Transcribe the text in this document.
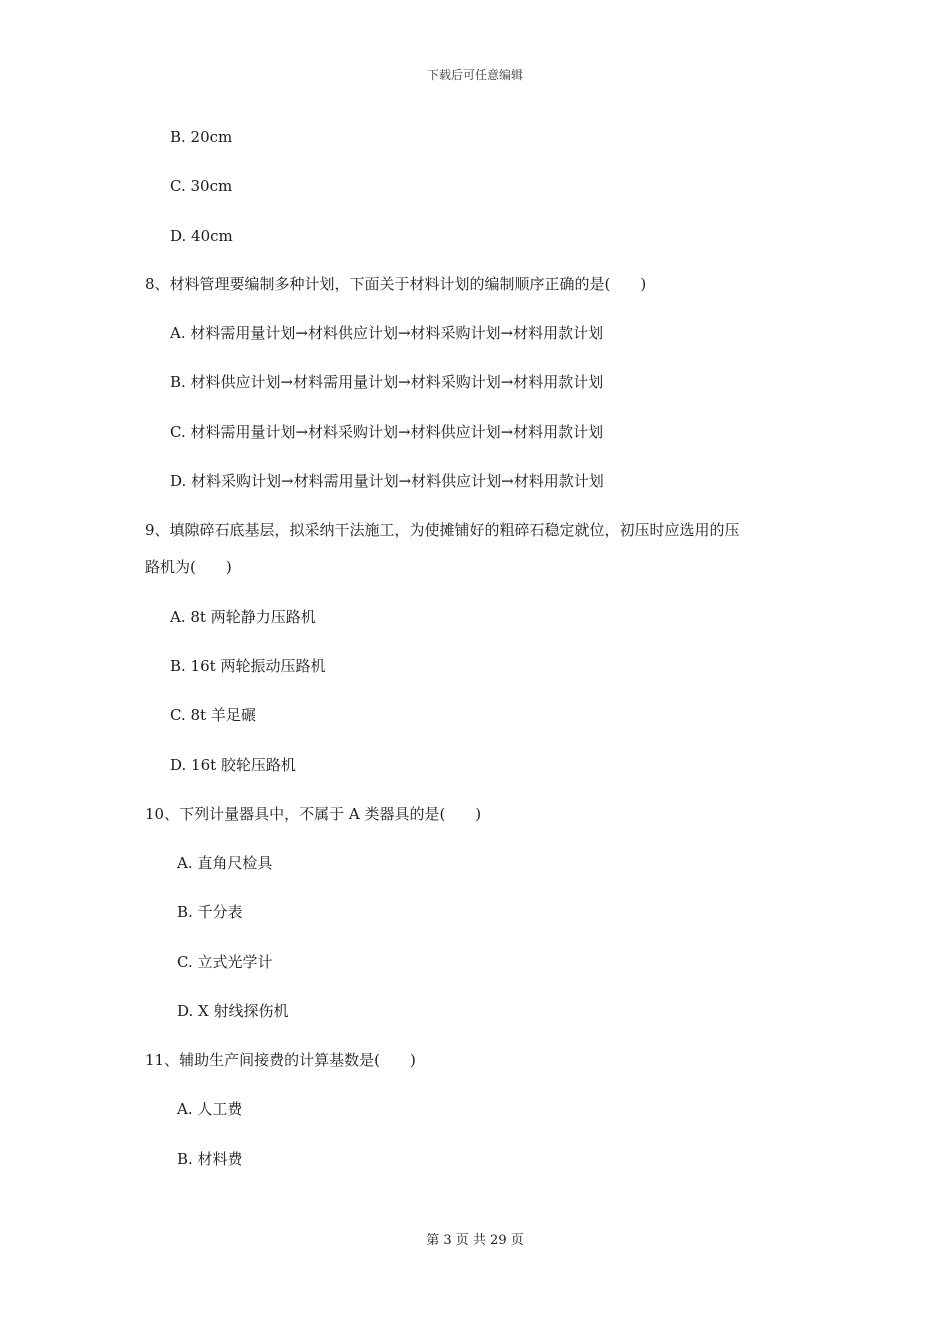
下载后可任意编辑
B. 20cm
C. 30cm
D. 40cm
8、材料管理要编制多种计划，下面关于材料计划的编制顺序正确的是(　　)
A. 材料需用量计划→材料供应计划→材料采购计划→材料用款计划
B. 材料供应计划→材料需用量计划→材料采购计划→材料用款计划
C. 材料需用量计划→材料采购计划→材料供应计划→材料用款计划
D. 材料采购计划→材料需用量计划→材料供应计划→材料用款计划
9、填隙碎石底基层，拟采纳干法施工，为使摊铺好的粗碎石稳定就位，初压时应选用的压
路机为(　　)
A. 8t 两轮静力压路机
B. 16t 两轮振动压路机
C. 8t 羊足碾
D. 16t 胶轮压路机
10、下列计量器具中，不属于 A 类器具的是(　　)
A. 直角尺检具
B. 千分表
C. 立式光学计
D. X 射线探伤机
11、辅助生产间接费的计算基数是(　　)
A. 人工费
B. 材料费
第 3 页 共 29 页
